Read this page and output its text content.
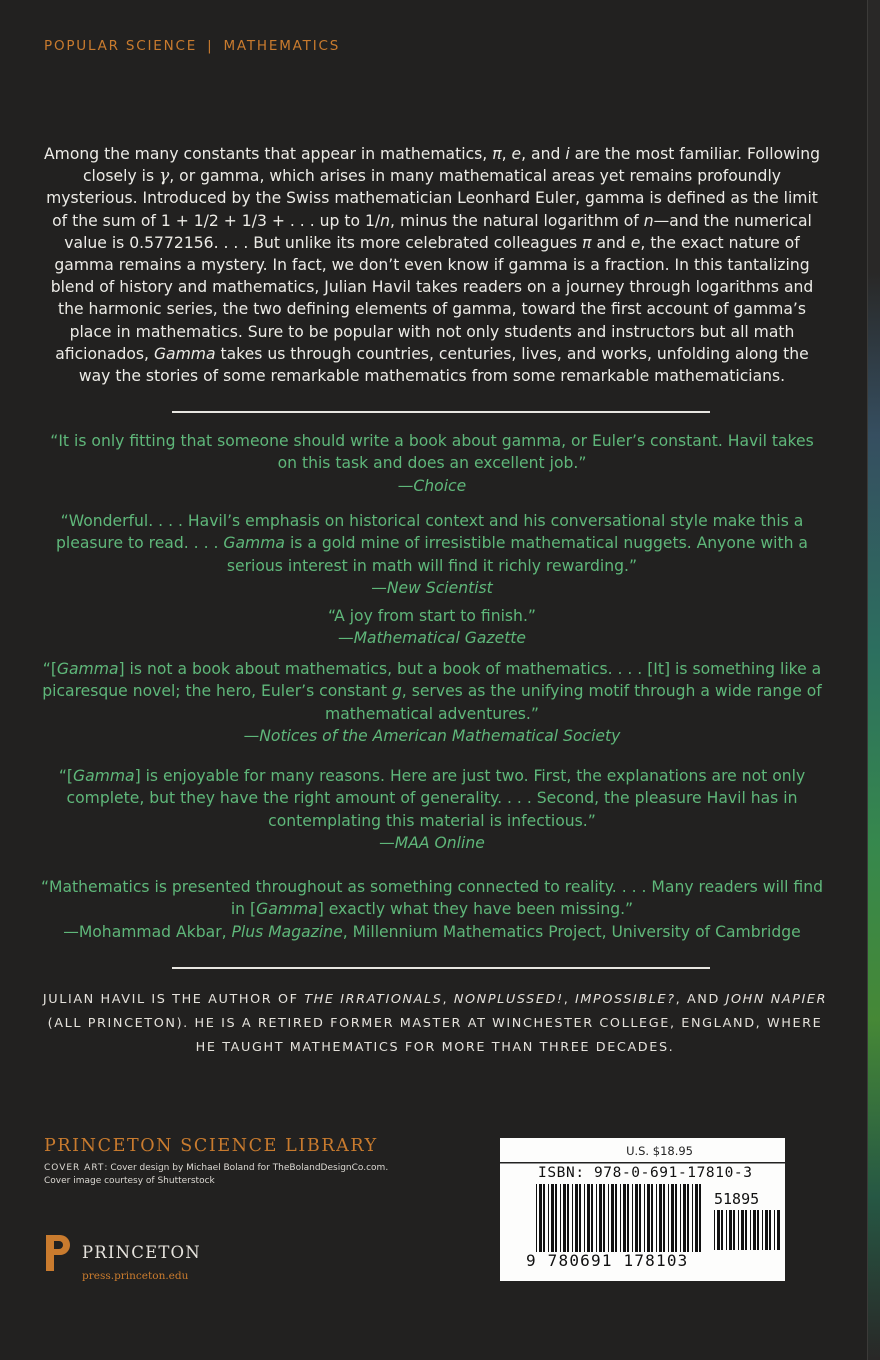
POPULAR SCIENCE | MATHEMATICS
Among the many constants that appear in mathematics, π, e, and i are the most familiar. Following closely is γ, or gamma, which arises in many mathematical areas yet remains profoundly mysterious. Introduced by the Swiss mathematician Leonhard Euler, gamma is defined as the limit of the sum of 1 + 1/2 + 1/3 + . . . up to 1/n, minus the natural logarithm of n—and the numerical value is 0.5772156. . . . But unlike its more celebrated colleagues π and e, the exact nature of gamma remains a mystery. In fact, we don’t even know if gamma is a fraction. In this tantalizing blend of history and mathematics, Julian Havil takes readers on a journey through logarithms and the harmonic series, the two defining elements of gamma, toward the first account of gamma’s place in mathematics. Sure to be popular with not only students and instructors but all math aficionados, Gamma takes us through countries, centuries, lives, and works, unfolding along the way the stories of some remarkable mathematics from some remarkable mathematicians.

“It is only fitting that someone should write a book about gamma, or Euler’s constant. Havil takes on this task and does an excellent job.”
—Choice

“Wonderful. . . . Havil’s emphasis on historical context and his conversational style make this a pleasure to read. . . . Gamma is a gold mine of irresistible mathematical nuggets. Anyone with a serious interest in math will find it richly rewarding.”
—New Scientist

“A joy from start to finish.”
—Mathematical Gazette

“[Gamma] is not a book about mathematics, but a book of mathematics. . . . [It] is something like a picaresque novel; the hero, Euler’s constant g, serves as the unifying motif through a wide range of mathematical adventures.”
—Notices of the American Mathematical Society

“[Gamma] is enjoyable for many reasons. Here are just two. First, the explanations are not only complete, but they have the right amount of generality. . . . Second, the pleasure Havil has in contemplating this material is infectious.”
—MAA Online

“Mathematics is presented throughout as something connected to reality. . . . Many readers will find in [Gamma] exactly what they have been missing.”
—Mohammad Akbar, Plus Magazine, Millennium Mathematics Project, University of Cambridge

JULIAN HAVIL IS THE AUTHOR OF THE IRRATIONALS, NONPLUSSED!, IMPOSSIBLE?, AND JOHN NAPIER (ALL PRINCETON). HE IS A RETIRED FORMER MASTER AT WINCHESTER COLLEGE, ENGLAND, WHERE HE TAUGHT MATHEMATICS FOR MORE THAN THREE DECADES.
PRINCETON SCIENCE LIBRARY
COVER ART: Cover design by Michael Boland for TheBolandDesignCo.com.
Cover image courtesy of Shutterstock
PRINCETON
press.princeton.edu
U.S. $18.95
ISBN: 978-0-691-17810-3
51895
9 780691 178103
